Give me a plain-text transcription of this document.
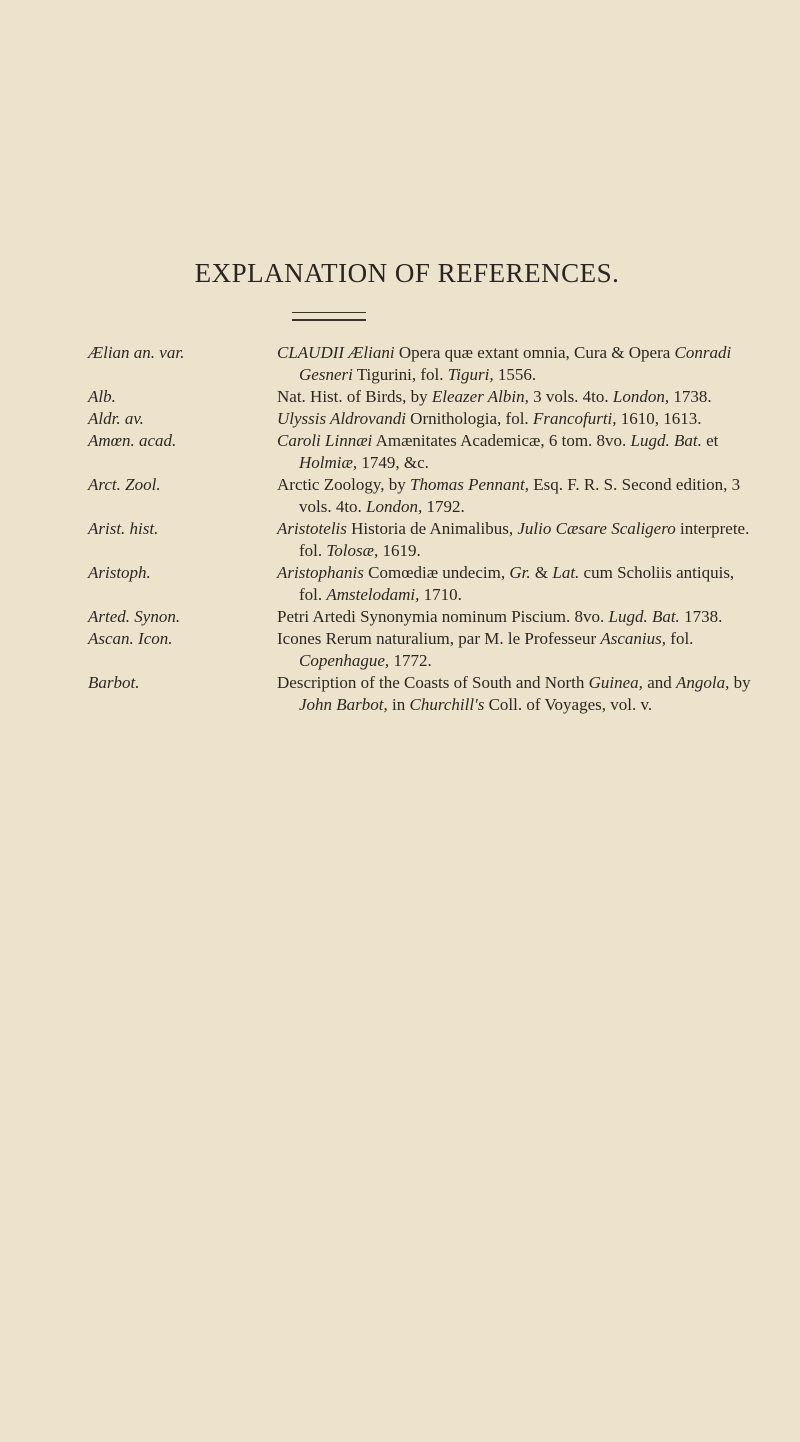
EXPLANATION OF REFERENCES.
Ælian an. var.	CLAUDII Æliani Opera quæ extant omnia, Cura & Opera Conradi Gesneri Tigurini, fol. Tiguri, 1556.
Alb.	Nat. Hist. of Birds, by Eleazer Albin, 3 vols. 4to. London, 1738.
Aldr. av.	Ulyssis Aldrovandi Ornithologia, fol. Francofurti, 1610, 1613.
Amœn. acad.	Caroli Linnæi Amænitates Academicæ, 6 tom. 8vo. Lugd. Bat. et Holmiæ, 1749, &c.
Arct. Zool.	Arctic Zoology, by Thomas Pennant, Esq. F. R. S. Second edition, 3 vols. 4to. London, 1792.
Arist. hist.	Aristotelis Historia de Animalibus, Julio Cæsare Scaligero interprete. fol. Tolosæ, 1619.
Aristoph.	Aristophanis Comœdiæ undecim, Gr. & Lat. cum Scholiis antiquis, fol. Amstelodami, 1710.
Arted. Synon.	Petri Artedi Synonymia nominum Piscium. 8vo. Lugd. Bat. 1738.
Ascan. Icon.	Icones Rerum naturalium, par M. le Professeur Ascanius, fol. Copenhague, 1772.
Barbot.	Description of the Coasts of South and North Guinea, and Angola, by John Barbot, in Churchill's Coll. of Voyages, vol. v.
